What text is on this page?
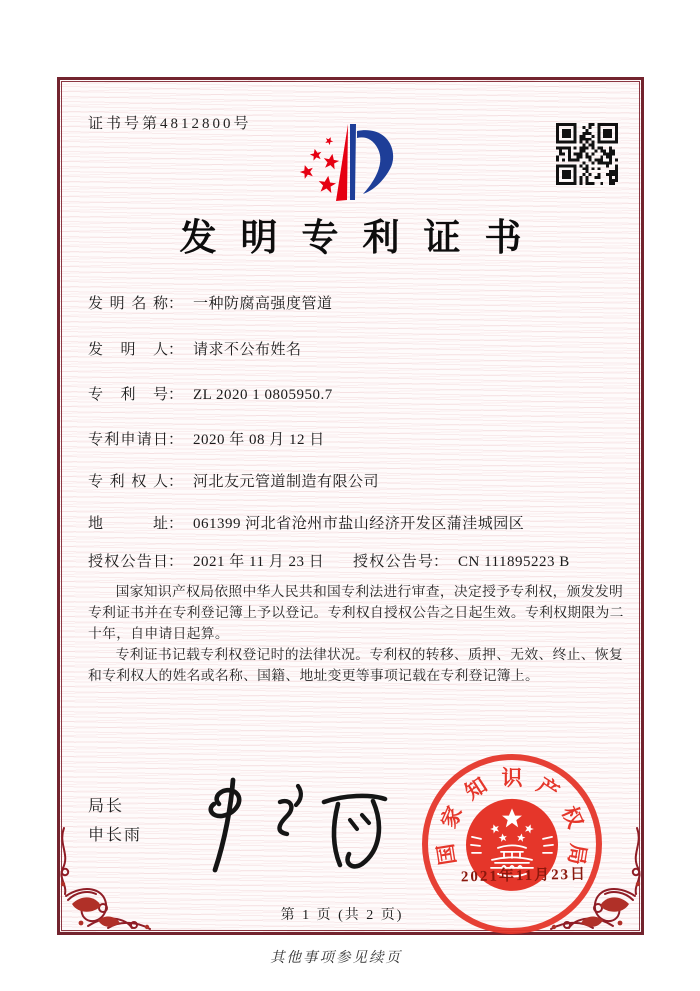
证书号第4812800号
发明专利证书
发明名称： 一种防腐高强度管道
发明人： 请求不公布姓名
专利号： ZL 2020 1 0805950.7
专利申请日： 2020 年 08 月 12 日
专利权人： 河北友元管道制造有限公司
地址： 061399 河北省沧州市盐山经济开发区蒲洼城园区
授权公告日： 2021 年 11 月 23 日 授权公告号： CN 111895223 B

国家知识产权局依照中华人民共和国专利法进行审查，决定授予专利权，颁发发明专利证书并在专利登记簿上予以登记。专利权自授权公告之日起生效。专利权期限为二十年，自申请日起算。

专利证书记载专利权登记时的法律状况。专利权的转移、质押、无效、终止、恢复和专利权人的姓名或名称、国籍、地址变更等事项记载在专利登记簿上。

局长
申长雨
国
家
知 识 产
权
局
2021年11月23日
第 1 页 (共 2 页)
其他事项参见续页
